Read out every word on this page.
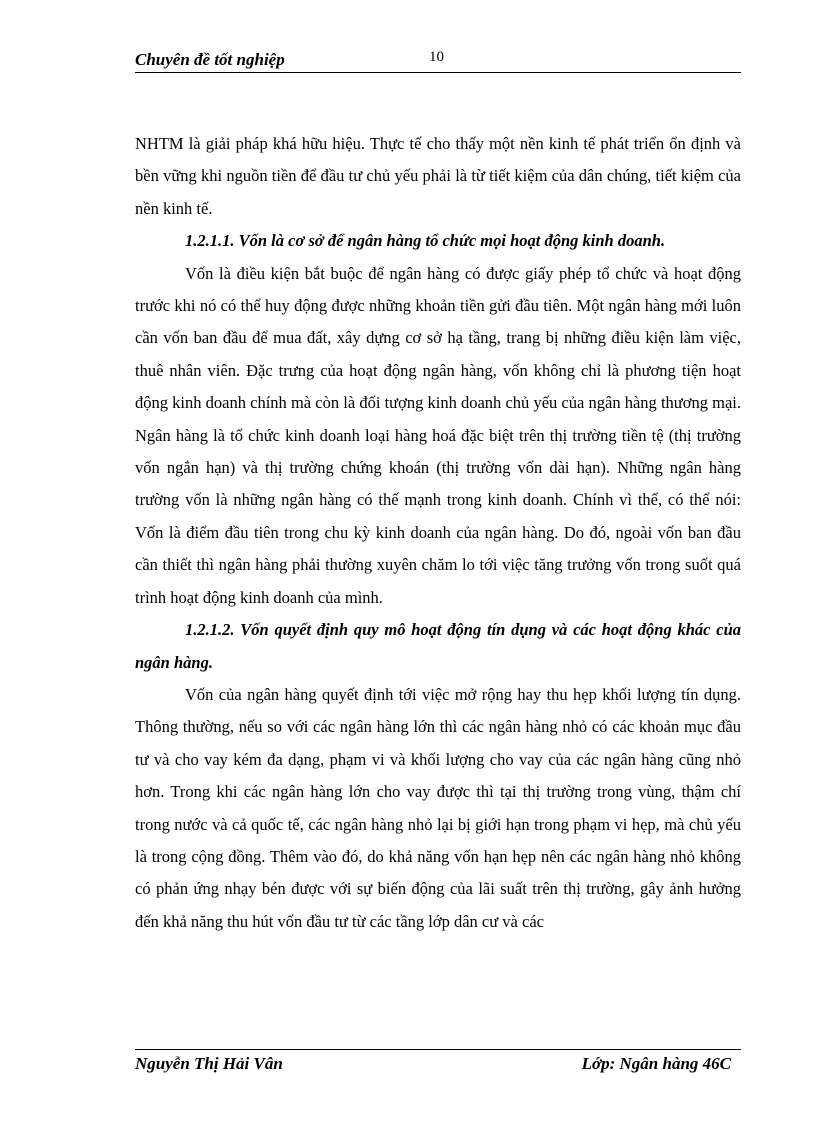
Chuyên đề tốt nghiệp	10

NHTM là giải pháp khá hữu hiệu. Thực tế cho thấy một nền kinh tế phát triển ổn định và bền vững khi nguồn tiền để đầu tư chủ yếu phải là từ tiết kiệm của dân chúng, tiết kiệm của nền kinh tế.

1.2.1.1. Vốn là cơ sở để ngân hàng tổ chức mọi hoạt động kinh doanh.

Vốn là điều kiện bắt buộc để ngân hàng có được giấy phép tổ chức và hoạt động trước khi nó có thể huy động được những khoản tiền gửi đầu tiên. Một ngân hàng mới luôn cần vốn ban đầu để mua đất, xây dựng cơ sở hạ tầng, trang bị những điều kiện làm việc, thuê nhân viên. Đặc trưng của hoạt động ngân hàng, vốn không chỉ là phương tiện hoạt động kinh doanh chính mà còn là đối tượng kinh doanh chủ yếu của ngân hàng thương mại. Ngân hàng là tổ chức kinh doanh loại hàng hoá đặc biệt trên thị trường tiền tệ (thị trường vốn ngắn hạn) và thị trường chứng khoán (thị trường vốn dài hạn). Những ngân hàng trường vốn là những ngân hàng có thế mạnh trong kinh doanh. Chính vì thế, có thể nói: Vốn là điểm đầu tiên trong chu kỳ kinh doanh của ngân hàng. Do đó, ngoài vốn ban đầu cần thiết thì ngân hàng phải thường xuyên chăm lo tới việc tăng trưởng vốn trong suốt quá trình hoạt động kinh doanh của mình.

1.2.1.2. Vốn quyết định quy mô hoạt động tín dụng và các hoạt động khác của ngân hàng.

Vốn của ngân hàng quyết định tới việc mở rộng hay thu hẹp khối lượng tín dụng. Thông thường, nếu so với các ngân hàng lớn thì các ngân hàng nhỏ có các khoản mục đầu tư và cho vay kém đa dạng, phạm vi và khối lượng cho vay của các ngân hàng cũng nhỏ hơn. Trong khi các ngân hàng lớn cho vay được thì tại thị trường trong vùng, thậm chí trong nước và cả quốc tế, các ngân hàng nhỏ lại bị giới hạn trong phạm vi hẹp, mà chủ yếu là trong cộng đồng. Thêm vào đó, do khả năng vốn hạn hẹp nên các ngân hàng nhỏ không có phản ứng nhạy bén được với sự biến động của lãi suất trên thị trường, gây ảnh hưởng đến khả năng thu hút vốn đầu tư từ các tầng lớp dân cư và các

Nguyễn Thị Hải Vân	Lớp: Ngân hàng 46C
